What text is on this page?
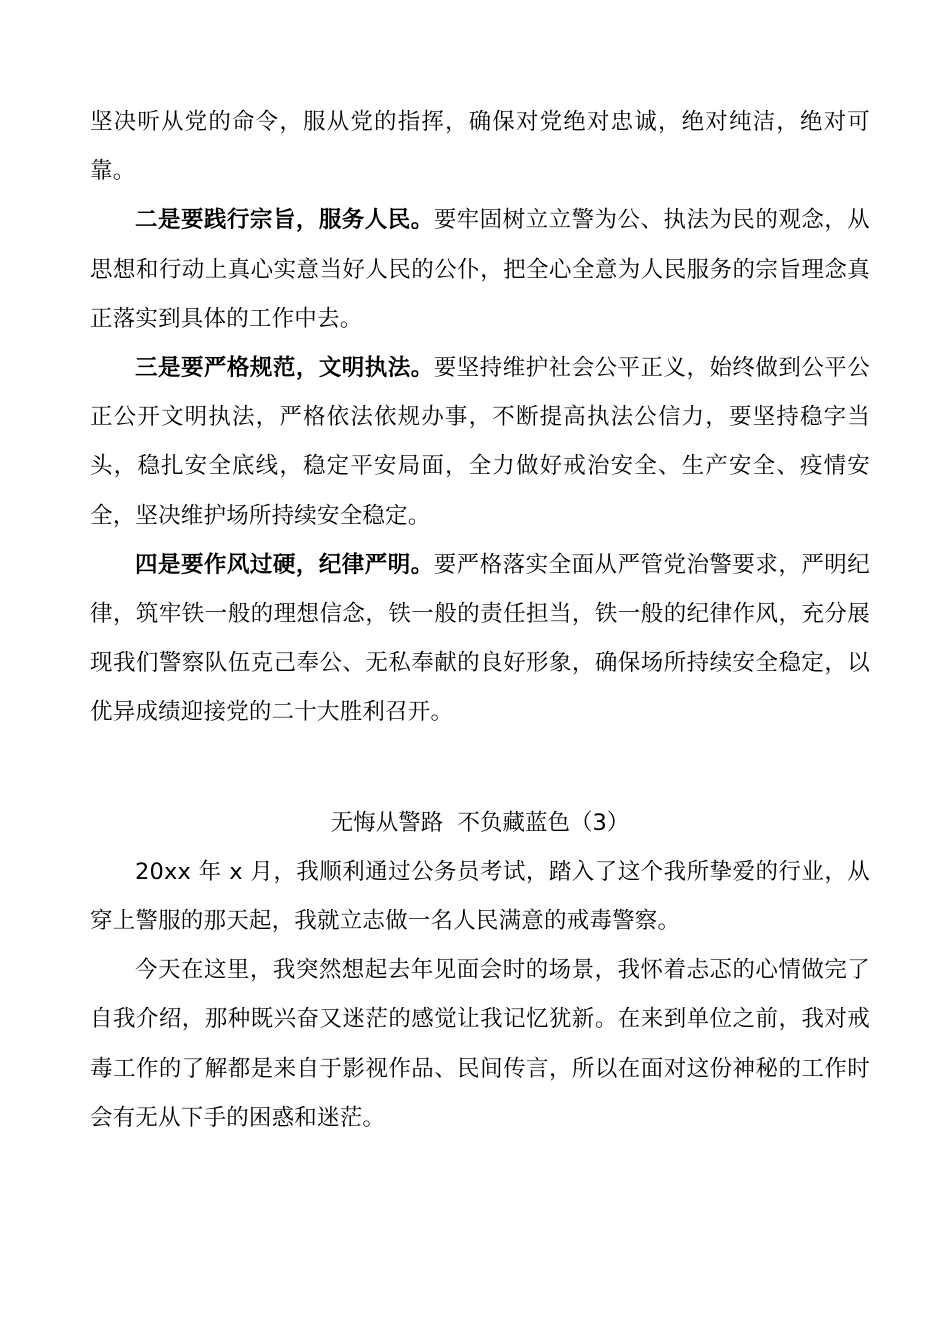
坚决听从党的命令，服从党的指挥，确保对党绝对忠诚，绝对纯洁，绝对可靠。

二是要践行宗旨，服务人民。要牢固树立立警为公、执法为民的观念，从思想和行动上真心实意当好人民的公仆，把全心全意为人民服务的宗旨理念真正落实到具体的工作中去。

三是要严格规范，文明执法。要坚持维护社会公平正义，始终做到公平公正公开文明执法，严格依法依规办事，不断提高执法公信力，要坚持稳字当头，稳扎安全底线，稳定平安局面，全力做好戒治安全、生产安全、疫情安全，坚决维护场所持续安全稳定。

四是要作风过硬，纪律严明。要严格落实全面从严管党治警要求，严明纪律，筑牢铁一般的理想信念，铁一般的责任担当，铁一般的纪律作风，充分展现我们警察队伍克己奉公、无私奉献的良好形象，确保场所持续安全稳定，以优异成绩迎接党的二十大胜利召开。

无悔从警路  不负藏蓝色（3）

20xx 年 x 月，我顺利通过公务员考试，踏入了这个我所挚爱的行业，从穿上警服的那天起，我就立志做一名人民满意的戒毒警察。

今天在这里，我突然想起去年见面会时的场景，我怀着忐忑的心情做完了自我介绍，那种既兴奋又迷茫的感觉让我记忆犹新。在来到单位之前，我对戒毒工作的了解都是来自于影视作品、民间传言，所以在面对这份神秘的工作时会有无从下手的困惑和迷茫。
